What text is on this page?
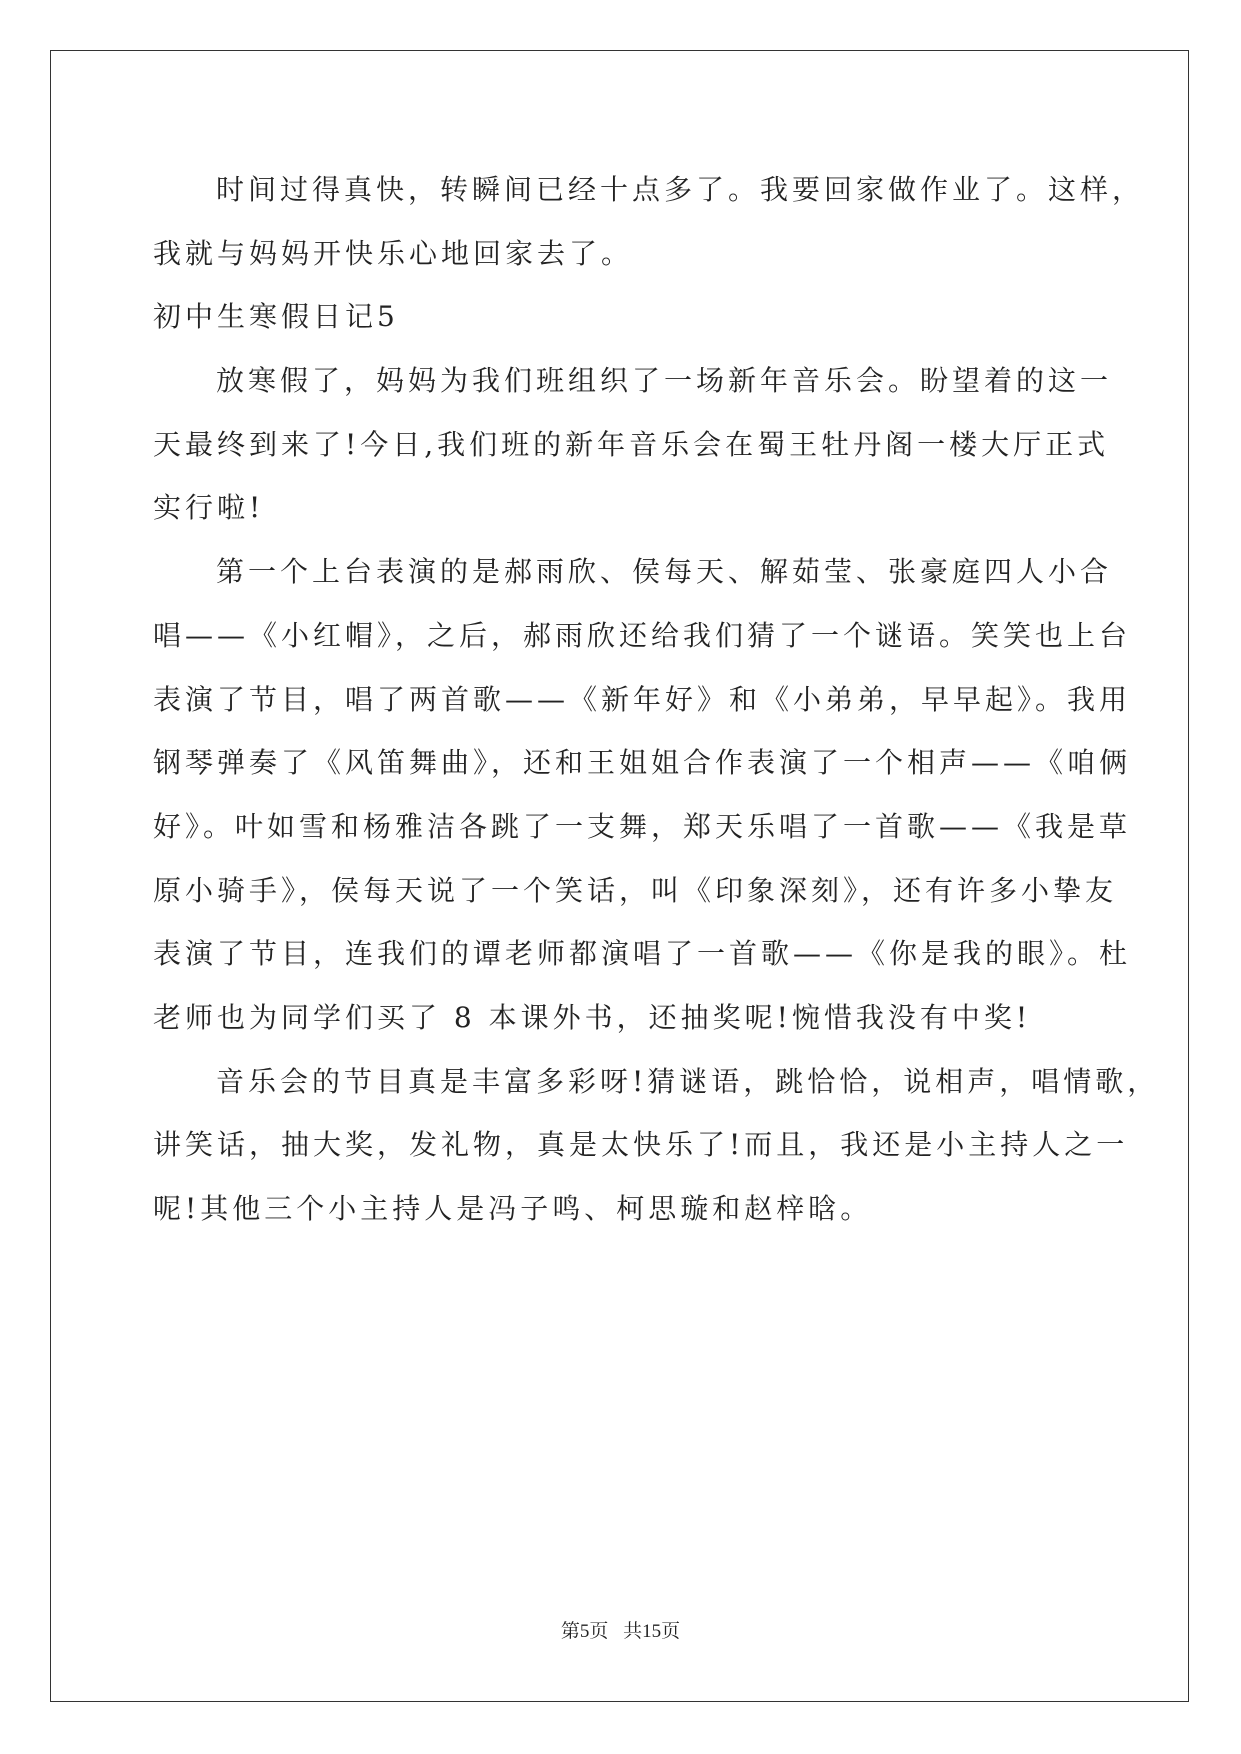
时间过得真快，转瞬间已经十点多了。我要回家做作业了。这样，
我就与妈妈开快乐心地回家去了。
初中生寒假日记5
放寒假了，妈妈为我们班组织了一场新年音乐会。盼望着的这一
天最终到来了!今日,我们班的新年音乐会在蜀王牡丹阁一楼大厅正式
实行啦!
第一个上台表演的是郝雨欣、侯每天、解茹莹、张豪庭四人小合
唱——《小红帽》，之后，郝雨欣还给我们猜了一个谜语。笑笑也上台
表演了节目，唱了两首歌——《新年好》和《小弟弟，早早起》。我用
钢琴弹奏了《风笛舞曲》，还和王姐姐合作表演了一个相声——《咱俩
好》。叶如雪和杨雅洁各跳了一支舞，郑天乐唱了一首歌——《我是草
原小骑手》，侯每天说了一个笑话，叫《印象深刻》，还有许多小挚友
表演了节目，连我们的谭老师都演唱了一首歌——《你是我的眼》。杜
老师也为同学们买了 8 本课外书，还抽奖呢!惋惜我没有中奖!
音乐会的节目真是丰富多彩呀!猜谜语，跳恰恰，说相声，唱情歌，
讲笑话，抽大奖，发礼物，真是太快乐了!而且，我还是小主持人之一
呢!其他三个小主持人是冯子鸣、柯思璇和赵梓晗。
第5页 共15页
